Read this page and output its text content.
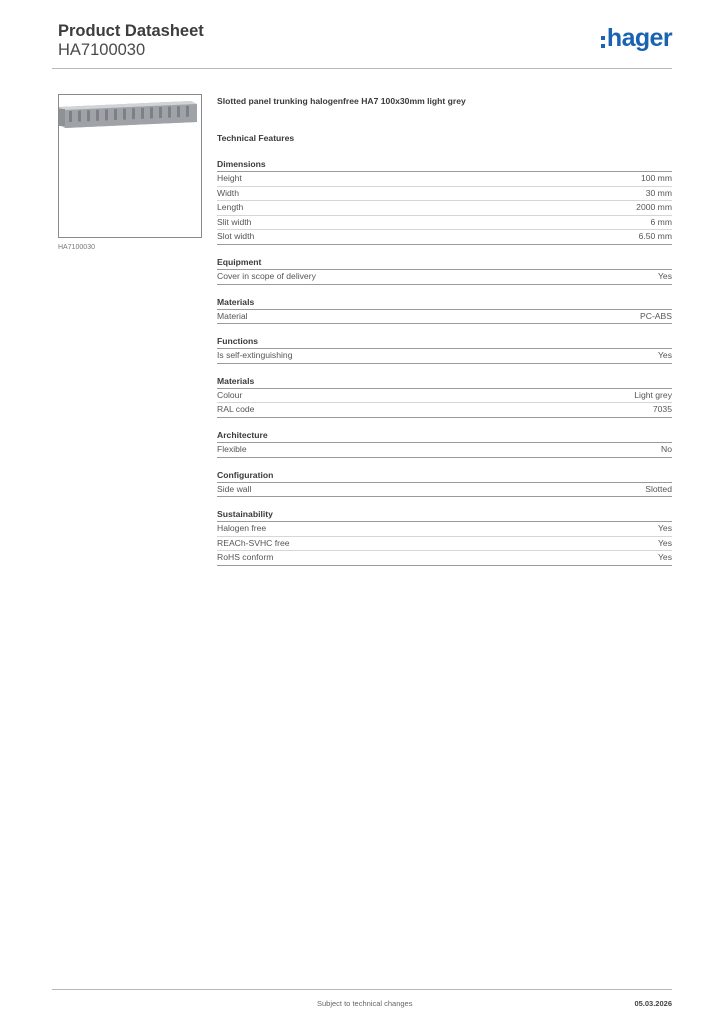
Product Datasheet
HA7100030	hager
HA7100030

Slotted panel trunking halogenfree HA7 100x30mm light grey

Technical Features

Dimensions
Height	100 mm
Width	30 mm
Length	2000 mm
Slit width	6 mm
Slot width	6.50 mm
Equipment
Cover in scope of delivery	Yes
Materials
Material	PC-ABS
Functions
Is self-extinguishing	Yes
Materials
Colour	Light grey
RAL code	7035
Architecture
Flexible	No
Configuration
Side wall	Slotted
Sustainability
Halogen free	Yes
REACh-SVHC free	Yes
RoHS conform	Yes
Subject to technical changes	05.03.2026
